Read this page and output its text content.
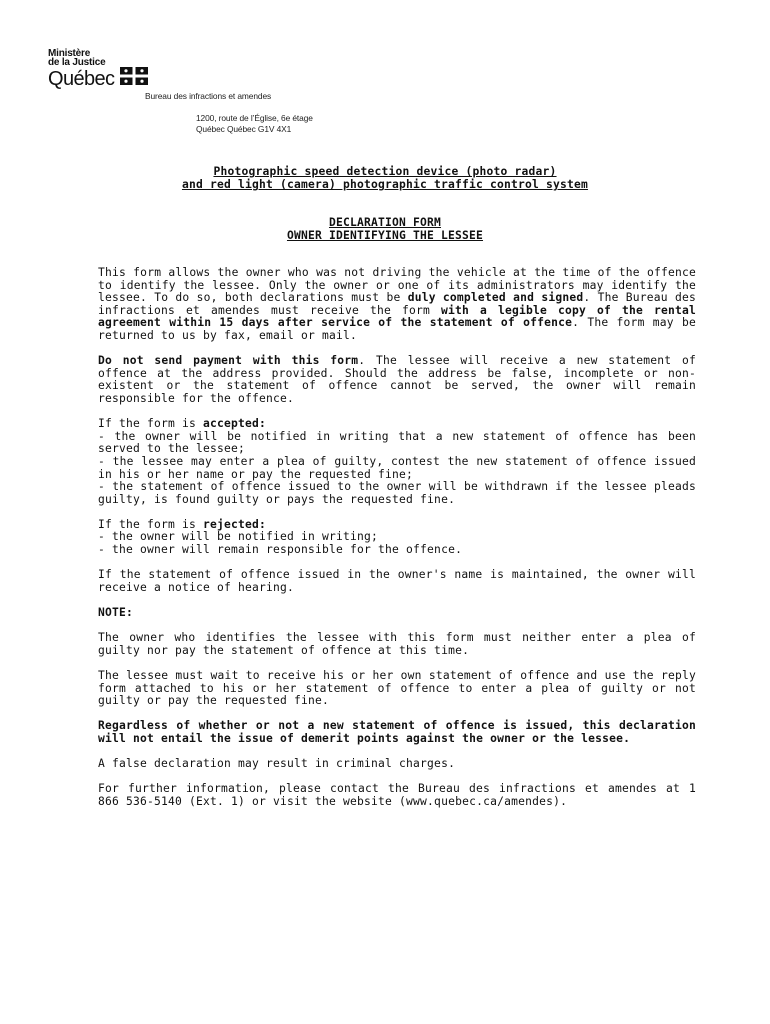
Ministère
de la Justice
Québec
Bureau des infractions et amendes
1200, route de l’Église, 6e étage
Québec Québec G1V 4X1
Photographic speed detection device (photo radar)
and red light (camera) photographic traffic control system
DECLARATION FORM
OWNER IDENTIFYING THE LESSEE

This form allows the owner who was not driving the vehicle at the time of the offence to identify the lessee. Only the owner or one of its administrators may identify the lessee. To do so, both declarations must be duly completed and signed. The Bureau des infractions et amendes must receive the form with a legible copy of the rental agreement within 15 days after service of the statement of offence. The form may be returned to us by fax, email or mail.

Do not send payment with this form. The lessee will receive a new statement of offence at the address provided. Should the address be false, incomplete or non-existent or the statement of offence cannot be served, the owner will remain responsible for the offence.

If the form is accepted:

- the owner will be notified in writing that a new statement of offence has been served to the lessee;

- the lessee may enter a plea of guilty, contest the new statement of offence issued in his or her name or pay the requested fine;

- the statement of offence issued to the owner will be withdrawn if the lessee pleads guilty, is found guilty or pays the requested fine.

If the form is rejected:

- the owner will be notified in writing;

- the owner will remain responsible for the offence.

If the statement of offence issued in the owner's name is maintained, the owner will receive a notice of hearing.

NOTE:

The owner who identifies the lessee with this form must neither enter a plea of guilty nor pay the statement of offence at this time.

The lessee must wait to receive his or her own statement of offence and use the reply form attached to his or her statement of offence to enter a plea of guilty or not guilty or pay the requested fine.

Regardless of whether or not a new statement of offence is issued, this declaration will not entail the issue of demerit points against the owner or the lessee.

A false declaration may result in criminal charges.

For further information, please contact the Bureau des infractions et amendes at 1 866 536-5140 (Ext. 1) or visit the website (www.quebec.ca/amendes).
